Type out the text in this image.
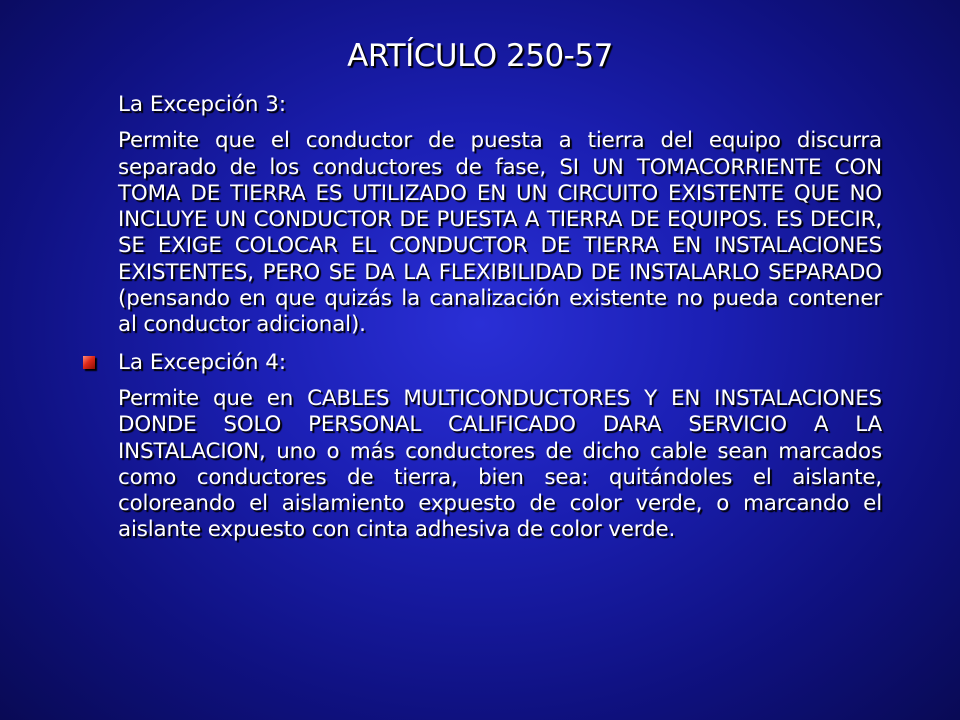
ARTÍCULO 250-57
La Excepción 3:
Permite que el conductor de puesta a tierra del equipo discurra separado de los conductores de fase, SI UN TOMACORRIENTE CON TOMA DE TIERRA ES UTILIZADO EN UN CIRCUITO EXISTENTE QUE NO INCLUYE UN CONDUCTOR DE PUESTA A TIERRA DE EQUIPOS. ES DECIR, SE EXIGE COLOCAR EL CONDUCTOR DE TIERRA EN INSTALACIONES EXISTENTES, PERO SE DA LA FLEXIBILIDAD DE INSTALARLO SEPARADO (pensando en que quizás la canalización existente no pueda contener al conductor adicional).
La Excepción 4:
Permite que en CABLES MULTICONDUCTORES Y EN INSTALACIONES DONDE SOLO PERSONAL CALIFICADO DARA SERVICIO A LA INSTALACION, uno o más conductores de dicho cable sean marcados como conductores de tierra, bien sea: quitándoles el aislante, coloreando el aislamiento expuesto de color verde, o marcando el aislante expuesto con cinta adhesiva de color verde.
